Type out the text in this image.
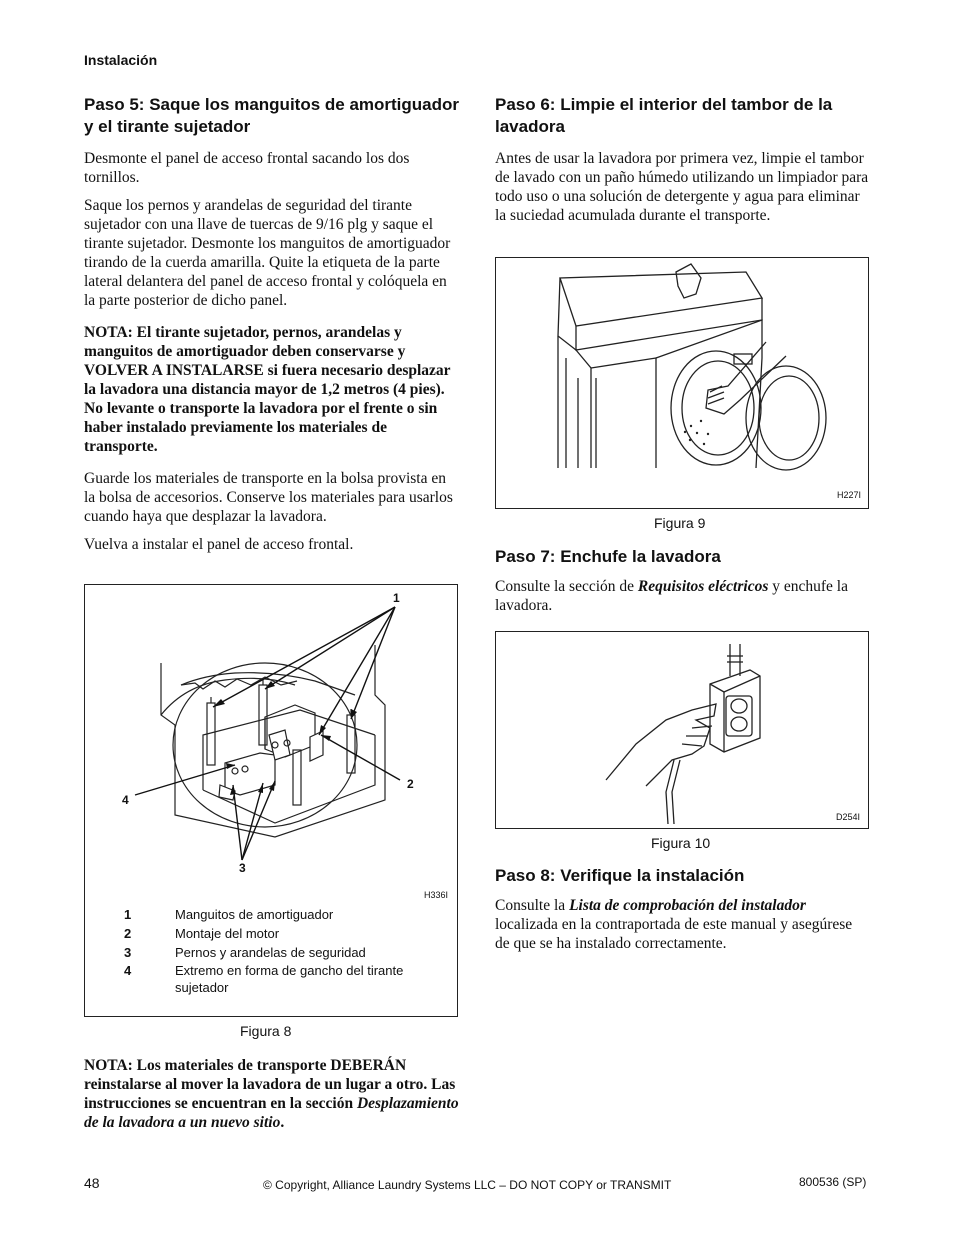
Instalación
Paso 5: Saque los manguitos de amortiguador y el tirante sujetador

Desmonte el panel de acceso frontal sacando los dos tornillos.

Saque los pernos y arandelas de seguridad del tirante sujetador con una llave de tuercas de 9/16 plg y saque el tirante sujetador. Desmonte los manguitos de amortiguador tirando de la cuerda amarilla. Quite la etiqueta de la parte lateral delantera del panel de acceso frontal y colóquela en la parte posterior de dicho panel.

NOTA: El tirante sujetador, pernos, arandelas y manguitos de amortiguador deben conservarse y VOLVER A INSTALARSE si fuera necesario desplazar la lavadora una distancia mayor de 1,2 metros (4 pies). No levante o transporte la lavadora por el frente o sin haber instalado previamente los materiales de transporte.

Guarde los materiales de transporte en la bolsa provista en la bolsa de accesorios. Conserve los materiales para usarlos cuando haya que desplazar la lavadora.

Vuelva a instalar el panel de acceso frontal.

1
2
3
4
H336I
1	Manguitos de amortiguador
2	Montaje del motor
3	Pernos y arandelas de seguridad
4	Extremo en forma de gancho del tirante sujetador
Figura 8

NOTA: Los materiales de transporte DEBERÁN reinstalarse al mover la lavadora de un lugar a otro. Las instrucciones se encuentran en la sección Desplazamiento de la lavadora a un nuevo sitio.

Paso 6: Limpie el interior del tambor de la lavadora

Antes de usar la lavadora por primera vez, limpie el tambor de lavado con un paño húmedo utilizando un limpiador para todo uso o una solución de detergente y agua para eliminar la suciedad acumulada durante el transporte.

H227I
Figura 9
Paso 7: Enchufe la lavadora

Consulte la sección de Requisitos eléctricos y enchufe la lavadora.

D254I
Figura 10
Paso 8: Verifique la instalación

Consulte la Lista de comprobación del instalador localizada en la contraportada de este manual y asegúrese de que se ha instalado correctamente.

48	© Copyright, Alliance Laundry Systems LLC – DO NOT COPY or TRANSMIT	800536 (SP)
